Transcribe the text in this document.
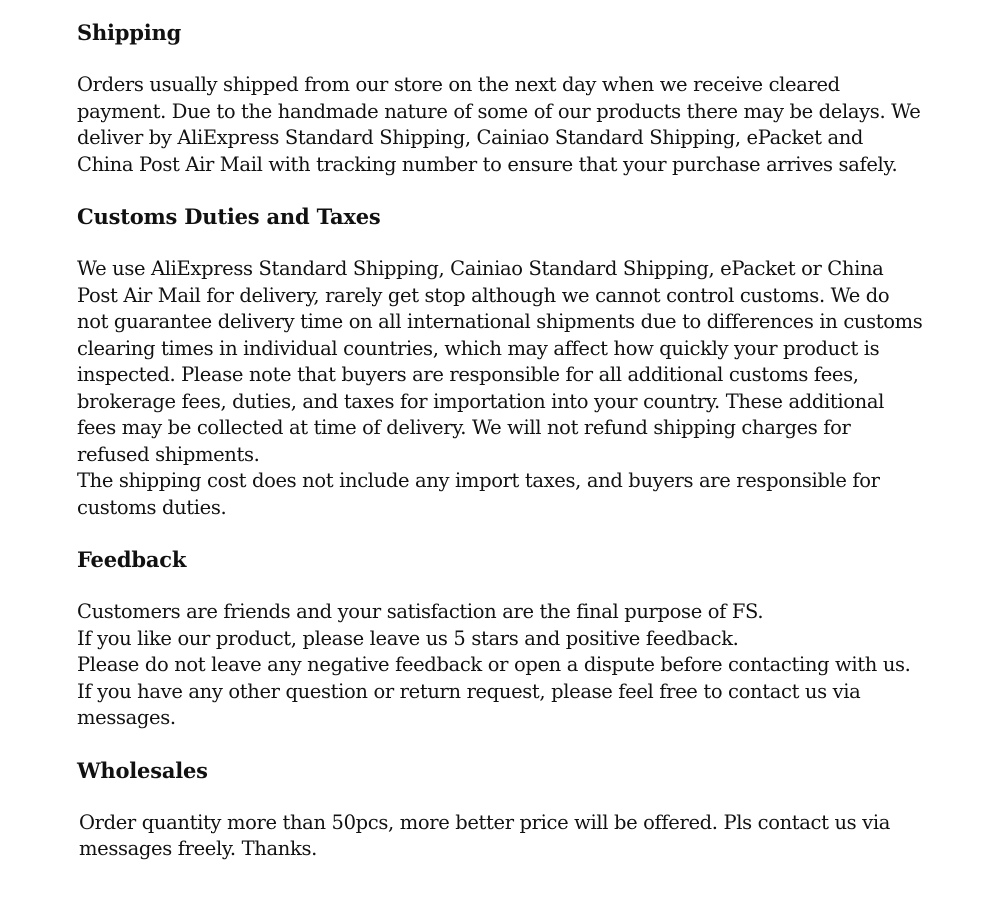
Shipping

Orders usually shipped from our store on the next day when we receive cleared
payment. Due to the handmade nature of some of our products there may be delays. We
deliver by AliExpress Standard Shipping, Cainiao Standard Shipping, ePacket and
China Post Air Mail with tracking number to ensure that your purchase arrives safely.

Customs Duties and Taxes

We use AliExpress Standard Shipping, Cainiao Standard Shipping, ePacket or China
Post Air Mail for delivery, rarely get stop although we cannot control customs. We do
not guarantee delivery time on all international shipments due to differences in customs
clearing times in individual countries, which may affect how quickly your product is
inspected. Please note that buyers are responsible for all additional customs fees,
brokerage fees, duties, and taxes for importation into your country. These additional
fees may be collected at time of delivery. We will not refund shipping charges for
refused shipments.
The shipping cost does not include any import taxes, and buyers are responsible for
customs duties.

Feedback

Customers are friends and your satisfaction are the final purpose of FS.
If you like our product, please leave us 5 stars and positive feedback.
Please do not leave any negative feedback or open a dispute before contacting with us.
If you have any other question or return request, please feel free to contact us via
messages.

Wholesales

Order quantity more than 50pcs, more better price will be offered. Pls contact us via
messages freely. Thanks.
